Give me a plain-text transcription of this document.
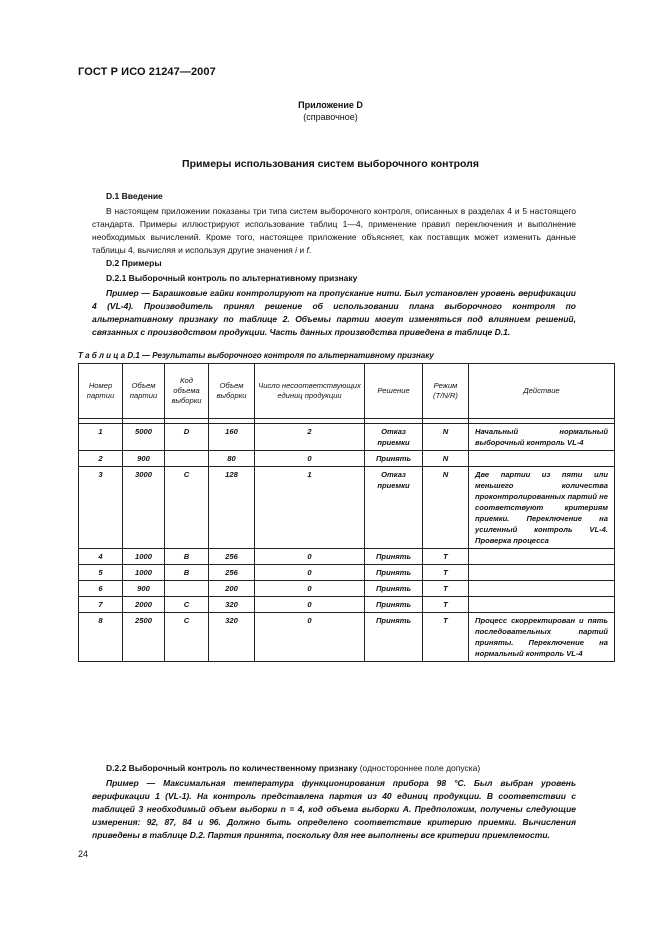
ГОСТ Р ИСО 21247—2007
Приложение D
(справочное)
Примеры использования систем выборочного контроля
D.1 Введение
В настоящем приложении показаны три типа систем выборочного контроля, описанных в разделах 4 и 5 настоящего стандарта. Примеры иллюстрируют использование таблиц 1—4, применение правил переключения и выполнение необходимых вычислений. Кроме того, настоящее приложение объясняет, как поставщик может изменить данные таблицы 4, вычисляя и используя другие значения i и f.
D.2 Примеры
D.2.1 Выборочный контроль по альтернативному признаку
Пример — Барашковые гайки контролируют на пропускание нити. Был установлен уровень верификации 4 (VL-4). Производитель принял решение об использовании плана выборочного контроля по альтернативному признаку по таблице 2. Объемы партии могут изменяться под влиянием решений, связанных с производством продукции. Часть данных производства приведена в таблице D.1.
Т а б л и ц а D.1 — Результаты выборочного контроля по альтернативному признаку
Номер партии	Объем партии	Код объема выборки	Объем выборки	Число несоответствующих единиц продукции	Решение	Режим (T/N/R)	Действие

1	5000	D	160	2	Отказ приемки	N	Начальный нормальный выборочный контроль VL-4
2	900		80	0	Принять	N	
3	3000	C	128	1	Отказ приемки	N	Две партии из пяти или меньшего количества проконтролированных партий не соответствуют критериям приемки. Переключение на усиленный контроль VL-4. Проверка процесса
4	1000	B	256	0	Принять	T	
5	1000	B	256	0	Принять	T	
6	900		200	0	Принять	T	
7	2000	C	320	0	Принять	T	
8	2500	C	320	0	Принять	T	Процесс скорректирован и пять последовательных партий приняты. Переключение на нормальный контроль VL-4
D.2.2 Выборочный контроль по количественному признаку (одностороннее поле допуска)
Пример — Максимальная температура функционирования прибора 98 °С. Был выбран уровень верификации 1 (VL-1). На контроль представлена партия из 40 единиц продукции. В соответствии с таблицей 3 необходимый объем выборки n = 4, код объема выборки A. Предположим, получены следующие измерения: 92, 87, 84 и 96. Должно быть определено соответствие критерию приемки. Вычисления приведены в таблице D.2. Партия принята, поскольку для нее выполнены все критерии приемлемости.
24
